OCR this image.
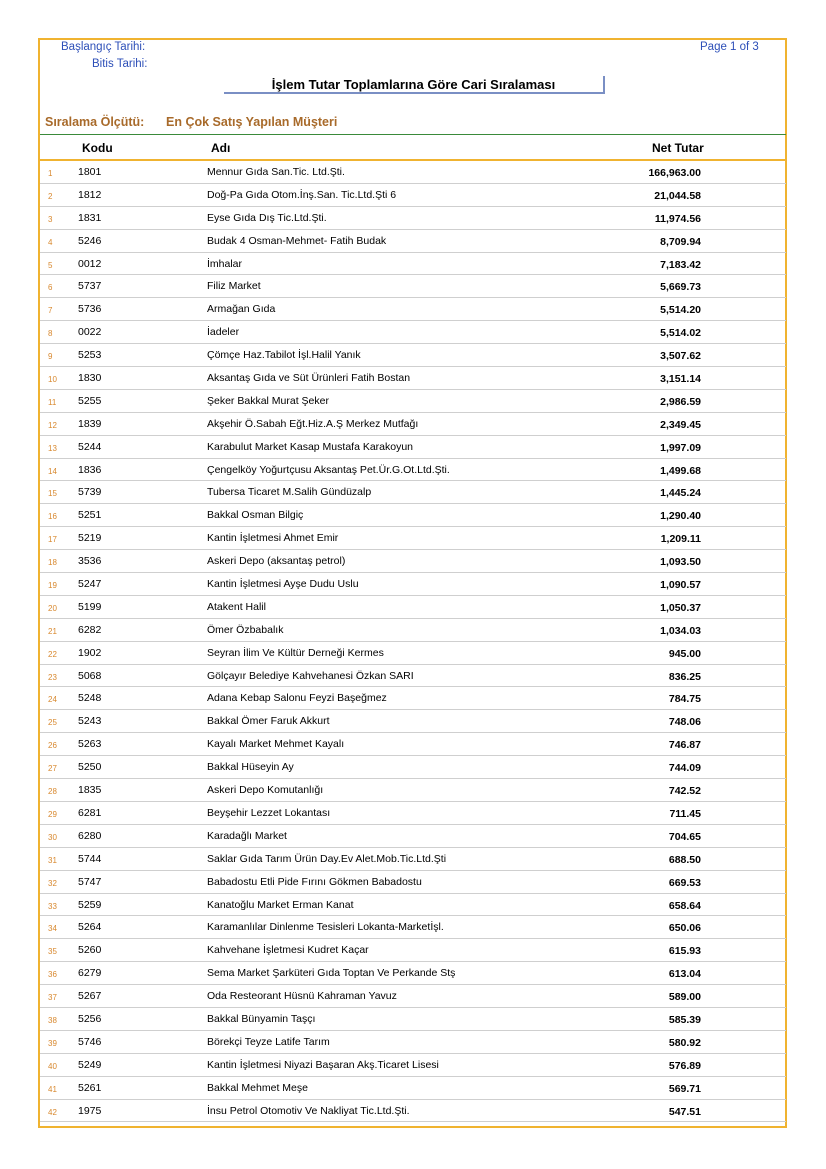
Başlangıç Tarihi:
Bitis Tarihi:
Page 1 of 3
İşlem Tutar Toplamlarına Göre Cari Sıralaması
Sıralama Ölçütü: En Çok Satış Yapılan Müşteri
Kodu	Adı	Net Tutar
1 1801	Mennur Gıda San.Tic. Ltd.Şti.	166,963.00
2 1812	Doğ-Pa Gıda Otom.İnş.San. Tic.Ltd.Şti 6	21,044.58
3 1831	Eyse Gıda Dış Tic.Ltd.Şti.	11,974.56
4 5246	Budak 4 Osman-Mehmet- Fatih Budak	8,709.94
5 0012	İmhalar	7,183.42
6 5737	Filiz Market	5,669.73
7 5736	Armağan Gıda	5,514.20
8 0022	İadeler	5,514.02
9 5253	Çömçe Haz.Tabilot İşl.Halil Yanık	3,507.62
10 1830	Aksantaş Gıda ve Süt Ürünleri Fatih Bostan	3,151.14
11 5255	Şeker Bakkal Murat Şeker	2,986.59
12 1839	Akşehir Ö.Sabah Eğt.Hiz.A.Ş Merkez Mutfağı	2,349.45
13 5244	Karabulut Market Kasap Mustafa Karakoyun	1,997.09
14 1836	Çengelköy Yoğurtçusu Aksantaş Pet.Ür.G.Ot.Ltd.Şti.	1,499.68
15 5739	Tubersa Ticaret M.Salih Gündüzalp	1,445.24
16 5251	Bakkal Osman Bilgiç	1,290.40
17 5219	Kantin İşletmesi Ahmet Emir	1,209.11
18 3536	Askeri Depo (aksantaş petrol)	1,093.50
19 5247	Kantin İşletmesi Ayşe Dudu Uslu	1,090.57
20 5199	Atakent Halil	1,050.37
21 6282	Ömer Özbabalık	1,034.03
22 1902	Seyran İlim Ve Kültür Derneği Kermes	945.00
23 5068	Gölçayır Belediye Kahvehanesi Özkan SARI	836.25
24 5248	Adana Kebap Salonu Feyzi Başeğmez	784.75
25 5243	Bakkal Ömer Faruk Akkurt	748.06
26 5263	Kayalı Market Mehmet Kayalı	746.87
27 5250	Bakkal Hüseyin Ay	744.09
28 1835	Askeri Depo Komutanlığı	742.52
29 6281	Beyşehir Lezzet Lokantası	711.45
30 6280	Karadağlı Market	704.65
31 5744	Saklar Gıda Tarım Ürün Day.Ev Alet.Mob.Tic.Ltd.Şti	688.50
32 5747	Babadostu Etli Pide Fırını Gökmen Babadostu	669.53
33 5259	Kanatoğlu Market Erman Kanat	658.64
34 5264	Karamanlılar Dinlenme Tesisleri Lokanta-Marketİşl.	650.06
35 5260	Kahvehane İşletmesi Kudret Kaçar	615.93
36 6279	Sema Market Şarküteri Gıda Toptan Ve Perkande Stş	613.04
37 5267	Oda Resteorant Hüsnü Kahraman Yavuz	589.00
38 5256	Bakkal Bünyamin Taşçı	585.39
39 5746	Börekçi Teyze Latife Tarım	580.92
40 5249	Kantin İşletmesi Niyazi Başaran Akş.Ticaret Lisesi	576.89
41 5261	Bakkal Mehmet Meşe	569.71
42 1975	İnsu Petrol Otomotiv Ve Nakliyat Tic.Ltd.Şti.	547.51
